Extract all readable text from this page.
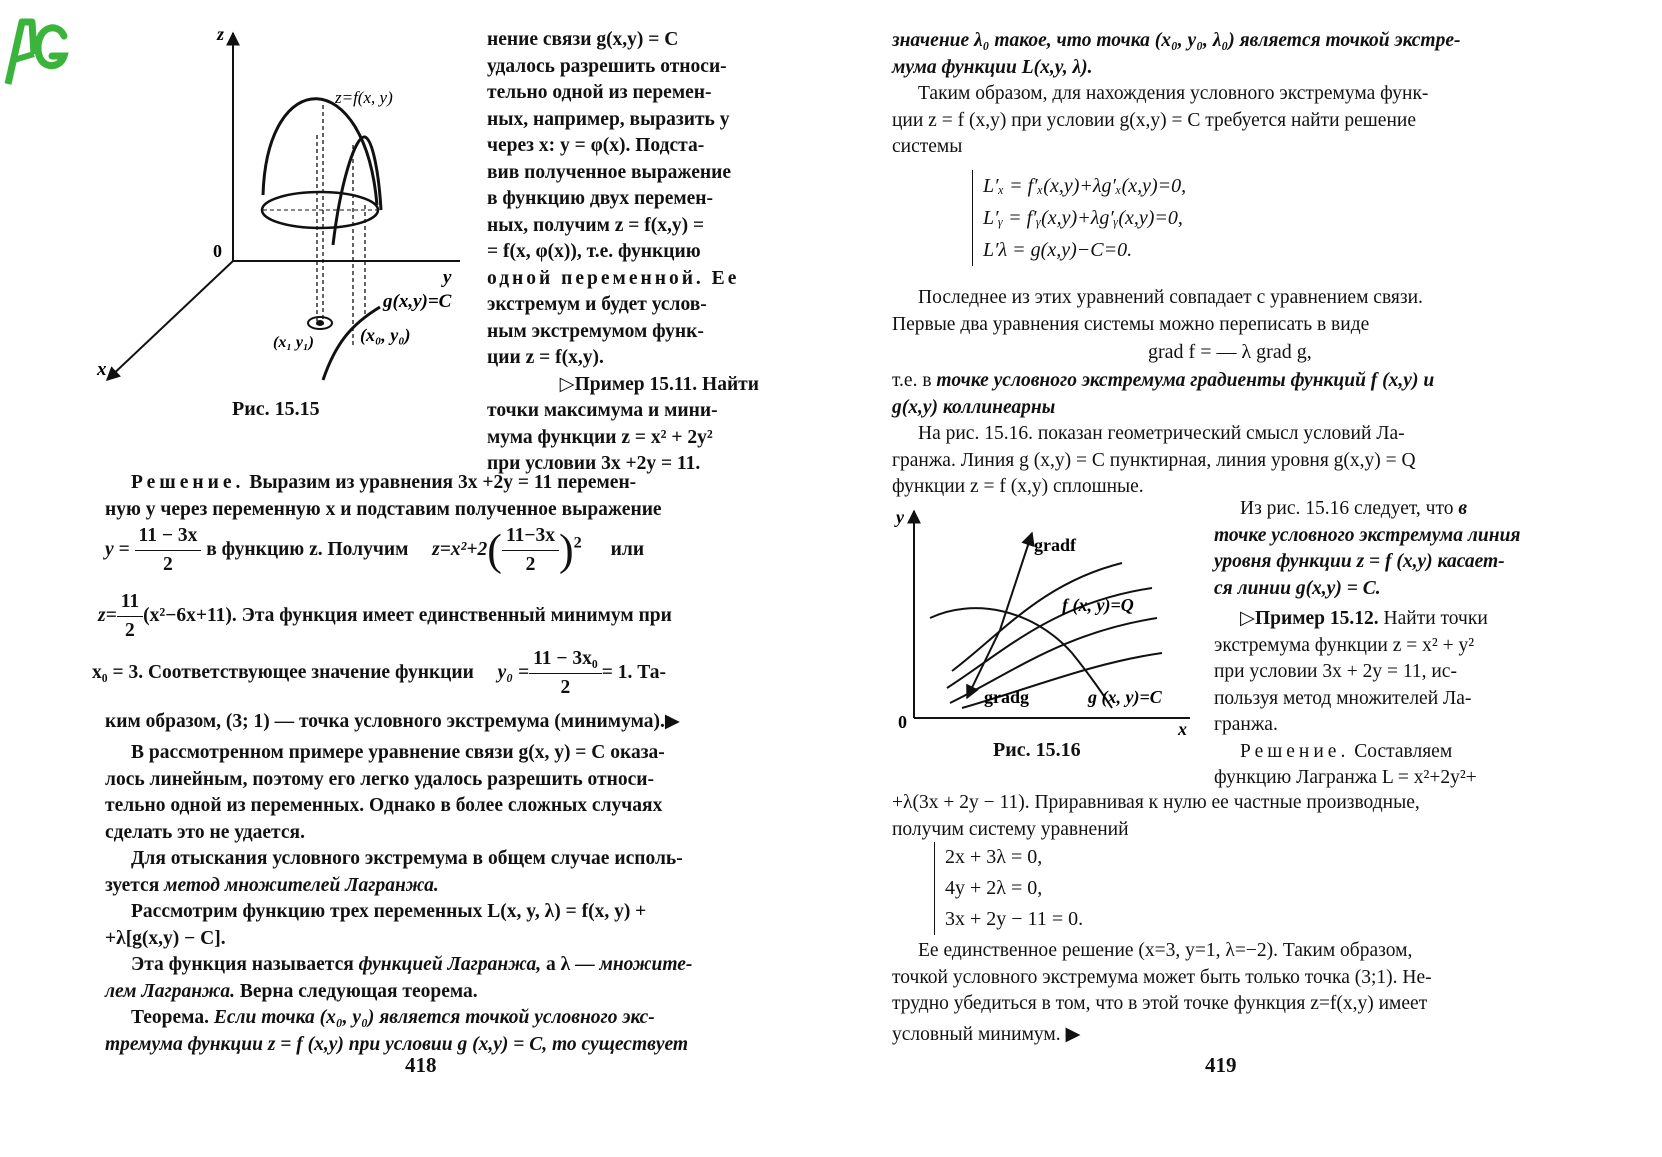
z
y
x
0
z=f(x, y)
g(x,y)=C
(x₁ y₁)	(x₀, y₀)
Рис. 15.15

нение связи g(x,y) = C

удалось разрешить относи-

тельно одной из перемен-

ных, например, выразить y

через x: y = φ(x). Подста-

вив полученное выражение

в функцию двух перемен-

ных, получим z = f(x,y) =

= f(x, φ(x)), т.е. функцию

одной переменной. Ее

экстремум и будет услов-

ным экстремумом функ-

ции z = f(x,y).

▷Пример 15.11. Найти

точки максимума и мини-

мума функции z = x² + 2y²

при условии 3x +2y = 11.

Решение. Выразим из уравнения 3x +2y = 11 перемен-

ную y через переменную x и подставим полученное выражение

$y = \frac{11 - 3x}{2}$ в функцию z. Получим $z=x^2+2( \frac{11-3x}{2} )^2$ или
$z= \frac{11}{2} (x^2-6x+11)$. Эта функция имеет единственный минимум при
x₀ = 3. Соответствующее значение функции $y_0 = \frac{\text{11 − 3x₀}}{2} = 1$. Та-

ким образом, (3; 1) — точка условного экстремума (минимума).▶

В рассмотренном примере уравнение связи g(x, y) = C оказа-

лось линейным, поэтому его легко удалось разрешить относи-

тельно одной из переменных. Однако в более сложных случаях

сделать это не удается.

Для отыскания условного экстремума в общем случае исполь-

зуется метод множителей Лагранжа.

Рассмотрим функцию трех переменных L(x, y, λ) = f(x, y) +

+λ[g(x,y) − C].

Эта функция называется функцией Лагранжа, а λ — множите-

лем Лагранжа. Верна следующая теорема.

Теорема. Если точка (x₀, y₀) является точкой условного экс-

тремума функции z = f (x,y) при условии g (x,y) = C, то существует

418

значение λ₀ такое, что точка (x₀, y₀, λ₀) является точкой экстре-

мума функции L(x,y, λ).

Таким образом, для нахождения условного экстремума функ-

ции z = f (x,y) при условии g(x,y) = C требуется найти решение

системы

L′ₓ = f′ₓ(x,y)+λg′ₓ(x,y)=0,
L′ᵧ = f′ᵧ(x,y)+λg′ᵧ(x,y)=0,
L′λ = g(x,y)−C=0.

Последнее из этих уравнений совпадает с уравнением связи.

Первые два уравнения системы можно переписать в виде

grad f = — λ grad g,

т.е. в точке условного экстремума градиенты функций f (x,y) и

g(x,y) коллинеарны

На рис. 15.16. показан геометрический смысл условий Ла-

гранжа. Линия g (x,y) = C пунктирная, линия уровня g(x,y) = Q

функции z = f (x,y) сплошные.

y
x
0
gradf
gradg
f (x, y)=Q
g (x, y)=C
Рис. 15.16

Из рис. 15.16 следует, что в

точке условного экстремума линия

уровня функции z = f (x,y) касает-

ся линии g(x,y) = C.

▷Пример 15.12. Найти точки

экстремума функции z = x² + y²

при условии 3x + 2y = 11, ис-

пользуя метод множителей Ла-

гранжа.

Решение. Составляем

функцию Лагранжа L = x²+2y²+

+λ(3x + 2y − 11). Приравнивая к нулю ее частные производные,

получим систему уравнений

2x + 3λ = 0,
4y + 2λ = 0,
3x + 2y − 11 = 0.

Ее единственное решение (x=3, y=1, λ=−2). Таким образом,

точкой условного экстремума может быть только точка (3;1). Не-

трудно убедиться в том, что в этой точке функция z=f(x,y) имеет

условный минимум. ▶

419
